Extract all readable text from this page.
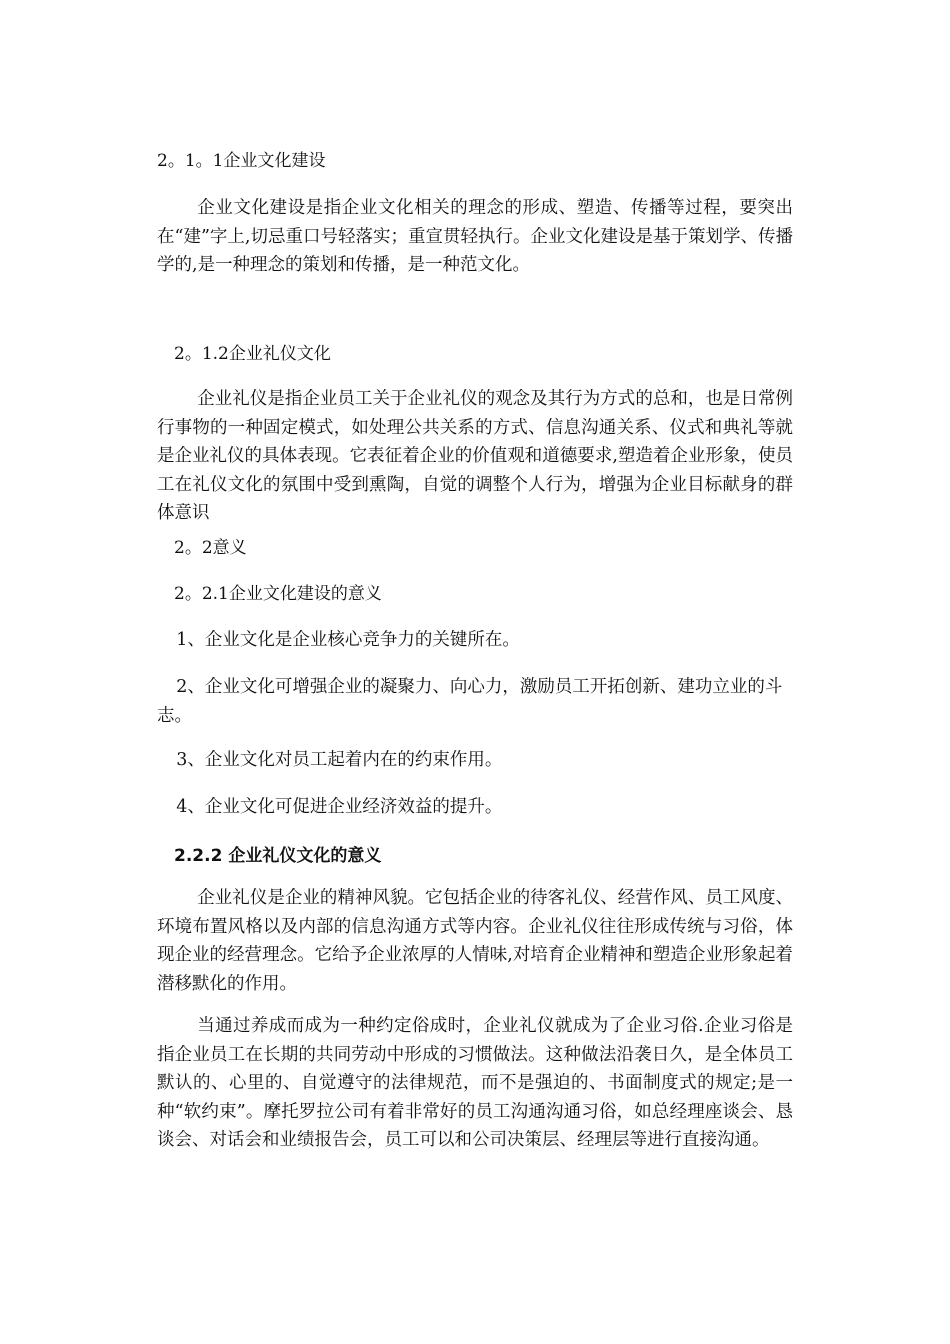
2。1。1企业文化建设

企业文化建设是指企业文化相关的理念的形成、塑造、传播等过程，要突出在“建”字上,切忌重口号轻落实；重宣贯轻执行。企业文化建设是基于策划学、传播学的,是一种理念的策划和传播，是一种范文化。

2。1.2企业礼仪文化

企业礼仪是指企业员工关于企业礼仪的观念及其行为方式的总和，也是日常例行事物的一种固定模式，如处理公共关系的方式、信息沟通关系、仪式和典礼等就是企业礼仪的具体表现。它表征着企业的价值观和道德要求,塑造着企业形象，使员工在礼仪文化的氛围中受到熏陶，自觉的调整个人行为，增强为企业目标献身的群体意识

2。2意义
2。2.1企业文化建设的意义

1、企业文化是企业核心竞争力的关键所在。

2、企业文化可增强企业的凝聚力、向心力，激励员工开拓创新、建功立业的斗志。

3、企业文化对员工起着内在的约束作用。

4、企业文化可促进企业经济效益的提升。

2.2.2 企业礼仪文化的意义

企业礼仪是企业的精神风貌。它包括企业的待客礼仪、经营作风、员工风度、环境布置风格以及内部的信息沟通方式等内容。企业礼仪往往形成传统与习俗，体现企业的经营理念。它给予企业浓厚的人情味,对培育企业精神和塑造企业形象起着潜移默化的作用。

当通过养成而成为一种约定俗成时，企业礼仪就成为了企业习俗.企业习俗是指企业员工在长期的共同劳动中形成的习惯做法。这种做法沿袭日久，是全体员工默认的、心里的、自觉遵守的法律规范，而不是强迫的、书面制度式的规定;是一种“软约束”。摩托罗拉公司有着非常好的员工沟通沟通习俗，如总经理座谈会、恳谈会、对话会和业绩报告会，员工可以和公司决策层、经理层等进行直接沟通。
